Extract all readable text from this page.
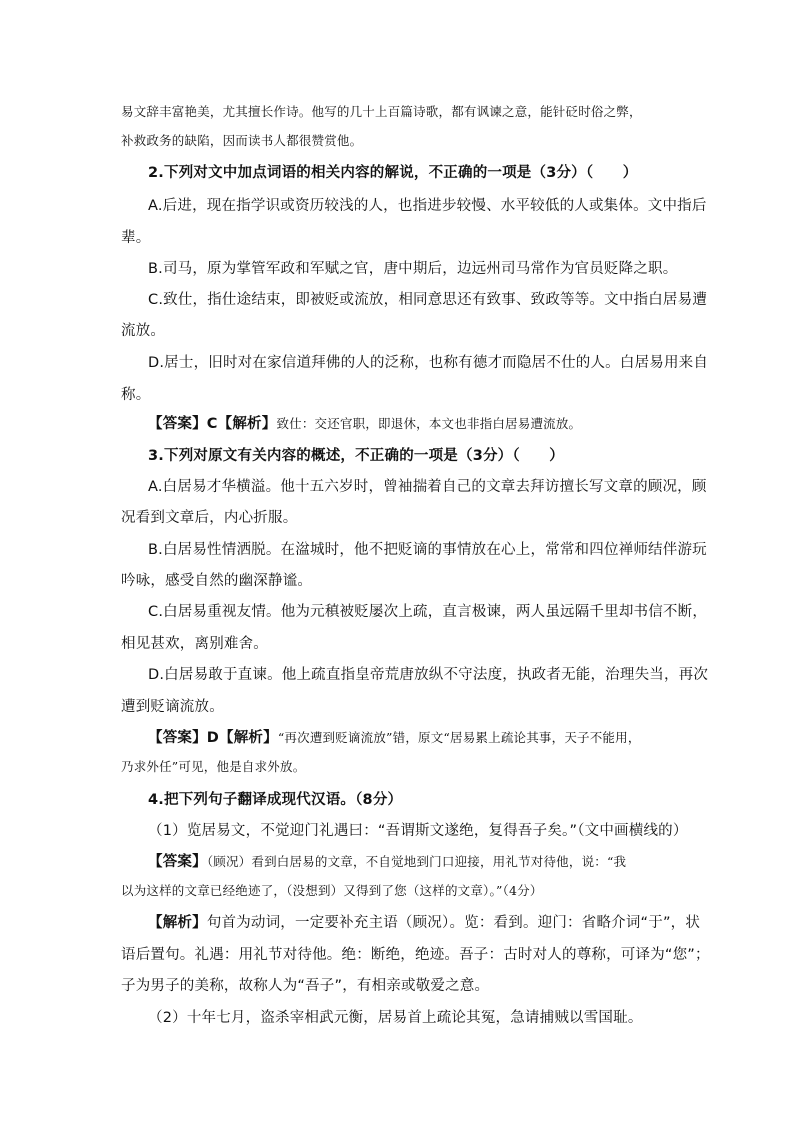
易文辞丰富艳美，尤其擅长作诗。他写的几十上百篇诗歌，都有讽谏之意，能针砭时俗之弊，
补救政务的缺陷，因而读书人都很赞赏他。
2.下列对文中加点词语的相关内容的解说，不正确的一项是（3分）（　　）
A.后进，现在指学识或资历较浅的人，也指进步较慢、水平较低的人或集体。文中指后
辈。
B.司马，原为掌管军政和军赋之官，唐中期后，边远州司马常作为官员贬降之职。
C.致仕，指仕途结束，即被贬或流放，相同意思还有致事、致政等等。文中指白居易遭
流放。
D.居士，旧时对在家信道拜佛的人的泛称，也称有德才而隐居不仕的人。白居易用来自
称。
【答案】C【解析】致仕：交还官职，即退休，本文也非指白居易遭流放。
3.下列对原文有关内容的概述，不正确的一项是（3分）（　　）
A.白居易才华横溢。他十五六岁时，曾袖揣着自己的文章去拜访擅长写文章的顾况，顾
况看到文章后，内心折服。
B.白居易性情洒脱。在湓城时，他不把贬谪的事情放在心上，常常和四位禅师结伴游玩
吟咏，感受自然的幽深静谧。
C.白居易重视友情。他为元稹被贬屡次上疏，直言极谏，两人虽远隔千里却书信不断，
相见甚欢，离别难舍。
D.白居易敢于直谏。他上疏直指皇帝荒唐放纵不守法度，执政者无能，治理失当，再次
遭到贬谪流放。
【答案】D【解析】“再次遭到贬谪流放”错，原文“居易累上疏论其事，天子不能用，
乃求外任”可见，他是自求外放。
4.把下列句子翻译成现代汉语。（8分）
（1）览居易文，不觉迎门礼遇曰：“吾谓斯文遂绝，复得吾子矣。”（文中画横线的）
【答案】（顾况）看到白居易的文章，不自觉地到门口迎接，用礼节对待他，说：“我
以为这样的文章已经绝迹了，（没想到）又得到了您（这样的文章）。”（4分）
【解析】句首为动词，一定要补充主语（顾况）。览：看到。迎门：省略介词“于”，状
语后置句。礼遇：用礼节对待他。绝：断绝，绝迹。吾子：古时对人的尊称，可译为“您”；
子为男子的美称，故称人为“吾子”，有相亲或敬爱之意。
（2）十年七月，盗杀宰相武元衡，居易首上疏论其冤，急请捕贼以雪国耻。
